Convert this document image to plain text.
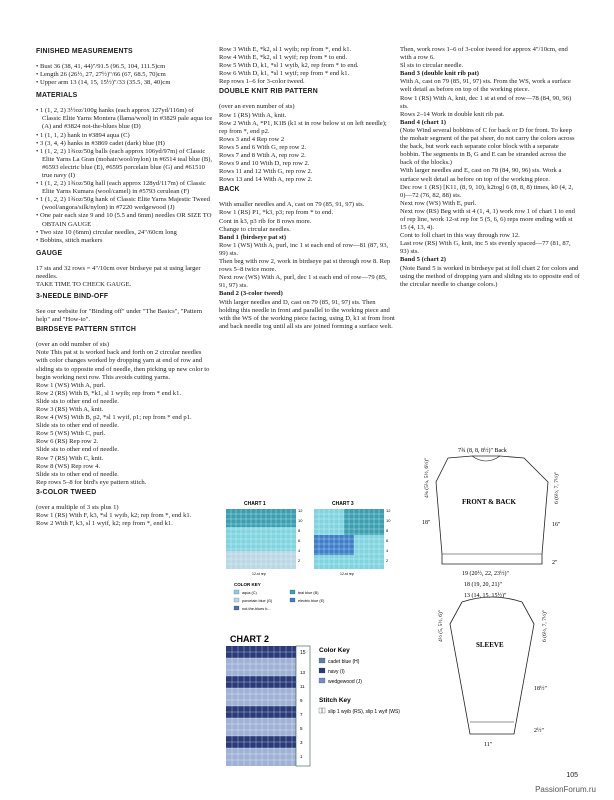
FINISHED MEASUREMENTS

• Bust 36 (38, 41, 44)"/91.5 (96.5, 104, 111.5)cm

• Length 26 (26½, 27, 27½)"/66 (67, 68.5, 70)cm

• Upper arm 13 (14, 15, 15½)"/33 (35.5, 38, 40)cm

MATERIALS

• 1 (1, 2, 2) 3½oz/100g hanks (each approx 127yd/116m) of Classic Elite Yarns Montera (llama/wool) in #3829 pale aqua ice (A) and #3824 not-the-blues blue (D)

• 1 (1, 1, 2) hank in #3894 aqua (C)

• 3 (3, 4, 4) hanks in #3869 cadet (dark) blue (H)

• 1 (1, 2, 2) 1¾oz/50g balls (each approx 106yd/97m) of Classic Elite Yarns La Gran (mohair/wool/nylon) in #6514 teal blue (B), #6593 electric blue (E), #6595 porcelain blue (G) and #61510 true navy (I)

• 1 (1, 2, 2) 1¾oz/50g hall (each approx 128yd/117m) of Classic Elite Yarns Kumara (wool/camel) in #5793 cerulean (F)

• 1 (1, 2, 2) 1¾oz/50g hank of Classic Elite Yarns Majestic Tweed (wool/angora/silk/nylon) in #7220 wedgewood (J)

• One pair each size 9 and 10 (5.5 and 6mm) needles OR SIZE TO OBTAIN GAUGE

• Two size 10 (6mm) circular needles, 24"/60cm long

• Bobbins, stitch markers

GAUGE

17 sts and 32 rows = 4"/10cm over birdseye pat st using larger needles.

TAKE TIME TO CHECK GAUGE.

3-NEEDLE BIND-OFF

See our website for "Binding off" under "The Basics", "Pattern help" and "How-to".

BIRDSEYE PATTERN STITCH

(over an odd number of sts)

Note This pat st is worked back and forth on 2 circular needles with color changes worked by dropping yarn at end of row and sliding sts to opposite end of needle, then picking up new color to begin working next row. This avoids cutting yarns.

Row 1 (WS) With A, purl.

Row 2 (RS) With B, *k1, sl 1 wyib; rep from * end k1.

Slide sts to other end of needle.

Row 3 (RS) With A, knit.

Row 4 (WS) With B, p2, *sl 1 wyif, p1; rep from * end p1.

Slide sts to other end of needle.

Row 5 (WS) With C, purl.

Row 6 (RS) Rep row 2.

Slide sts to other end of needle.

Row 7 (RS) With C, knit.

Row 8 (WS) Rep row 4.

Slide sts to other end of needle.

Rep rows 5–8 for bird's eye pattern stitch.

3-COLOR TWEED

(over a multiple of 3 sts plus 1)

Row 1 (RS) With F, k3, *sl 1 wyib, k2; rep from *, end k1.

Row 2 With F, k3, sl 1 wyif, k2; rep from *, end k1.

Row 3 With E, *k2, sl 1 wyib; rep from *, end k1.

Row 4 With E, *k2, sl 1 wyif; rep from * to end.

Row 5 With D, k1, *sl 1 wyib, k2, rep from * to end.

Row 6 With D, k1, *sl 1 wyif; rep from * end k1.

Rep rows 1–6 for 3-color tweed.

DOUBLE KNIT RIB PATTERN

(over an even number of sts)

Row 1 (RS) With A, knit.

Row 2 With A, *P1, K1B (k1 st in row below st on left needle); rep from *, end p2.

Rows 3 and 4 Rep row 2

Rows 5 and 6 With G, rep row 2.

Rows 7 and 8 With A, rep row 2.

Rows 9 and 10 With D, rep row 2.

Rows 11 and 12 With G, rep row 2.

Rows 13 and 14 With A, rep row 2.

BACK

With smaller needles and A, cast on 79 (85, 91, 97) sts.

Row 1 (RS) P1, *k3, p3; rep from * to end.

Cont in k3, p3 rib for 8 rows more.

Change to circular needles.

Band 1 (birdseye pat st)

Row 1 (WS) With A, purl, inc 1 st each end of row—81 (87, 93, 99) sts.

Then beg with row 2, work in birdseye pat st through row 8. Rep rows 5–8 twice more.

Next row (WS) With A, purl, dec 1 st each end of row—79 (85, 91, 97) sts.

Band 2 (3-color tweed)

With larger needles and D, cast on 79 (85, 91, 97) sts. Then holding this needle in front and parallel to the working piece and with the WS of the working piece facing, using D, k1 st from front and back needle tog until all sts are joined forming a surface welt.

Then, work rows 1–6 of 3-color tweed for approx 4"/10cm, end with a row 6.

Sl sts to circular needle.

Band 3 (double knit rib pat)

With A, cast on 79 (85, 91, 97) sts. From the WS, work a surface welt detail as before on top of the working piece.

Row 1 (RS) With A, knit, dec 1 st at end of row—78 (84, 90, 96) sts.

Rows 2–14 Work in double knit rib pat.

Band 4 (chart 1)

(Note Wind several bobbins of C for back or D for front. To keep the mohair segment of the pat sheer, do not carry the colors across the back, but work each separate color block with a separate bobbin. The segments in B, G and E can be stranded across the back of the blocks.)

With larger needles and E, cast on 78 (84, 90, 96) sts. Work a surface welt detail as before on top of the working piece.

Dec row 1 (RS) [K11, (8, 9, 10), k2tog] 6 (8, 8, 8) times, k0 (4, 2, 0)—72 (76, 82, 88) sts.

Next row (WS) With E, purl.

Next row (RS) Beg with st 4 (1, 4, 1) work row 1 of chart 1 to end of rep line, work 12-st rep for 5 (5, 6, 6) reps more ending with st 15 (4, 13, 4).

Cont to foll chart in this way through row 12.

Last row (RS) With G, knit, inc 5 sts evenly spaced—77 (81, 87, 93) sts.

Band 5 (chart 2)

(Note Band 5 is worked in birdseye pat st foll chart 2 for colors and using the method of dropping yarn and sliding sts to opposite end of the circular needle to change colors.)

CHART 1	CHART 3
12
10
8
6
4
2
12-st rep
12
10
8
6
4
2
12-st rep
COLOR KEY
aqua (C)	teal blue (B)
porcelain blue (G)	electric blue (E)
not-the-blues b...
CHART 2
15
13
11
9
7
5
3
1
Color Key
cadet blue (H)
navy (I)
wedgewood (J)
Stitch Key
slip 1 wyib (RS), slip 1 wyif (WS)
7¾ (8, 8, 8½)" Back
FRONT & BACK
4¾ (5¼, 5½, 6½)"	6 (6½, 7, 7½)"
18"	16"
2"
19 (20½, 22, 23½)"
18 (19, 20, 21)"
13 (14, 15, 15½)"
SLEEVE
4½ (5, 5½, 6)"	6 (6½, 7, 7½)"
18½"
2½"
11"
105
PassionForum.ru
